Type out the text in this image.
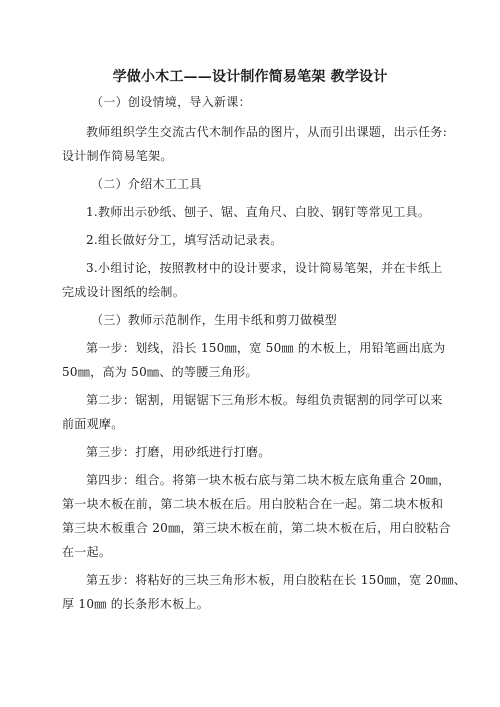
学做小木工——设计制作简易笔架 教学设计
（一）创设情境，导入新课：
教师组织学生交流古代木制作品的图片，从而引出课题，出示任务:
设计制作简易笔架。
（二）介绍木工工具
1.教师出示砂纸、刨子、锯、直角尺、白胶、钢钉等常见工具。
2.组长做好分工，填写活动记录表。
3.小组讨论，按照教材中的设计要求，设计简易笔架，并在卡纸上
完成设计图纸的绘制。
（三）教师示范制作，生用卡纸和剪刀做模型
第一步：划线，沿长 150㎜，宽 50㎜ 的木板上，用铅笔画出底为
50㎜，高为 50㎜、的等腰三角形。
第二步：锯割，用锯锯下三角形木板。每组负责锯割的同学可以来
前面观摩。
第三步：打磨，用砂纸进行打磨。
第四步：组合。将第一块木板右底与第二块木板左底角重合 20㎜，
第一块木板在前，第二块木板在后。用白胶粘合在一起。第二块木板和
第三块木板重合 20㎜，第三块木板在前，第二块木板在后，用白胶粘合
在一起。
第五步：将粘好的三块三角形木板，用白胶粘在长 150㎜，宽 20㎜、
厚 10㎜ 的长条形木板上。
